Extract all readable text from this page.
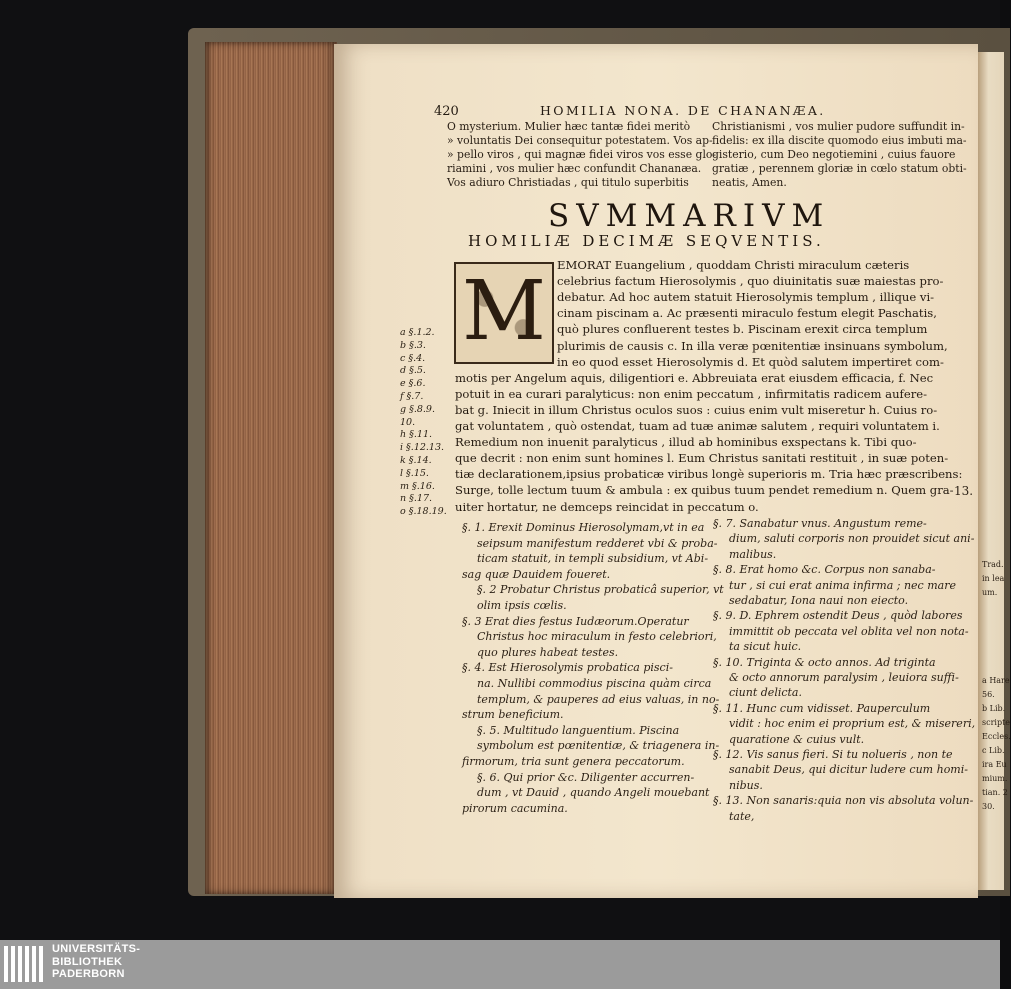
Trad.
in lea
um.
a Hare
56.
b Lib.
scripte
Eccles.
c Lib.
ira Eu
mium.
tian. 2
30.
420	HOMILIA NONA. DE CHANANÆA.
O mysterium. Mulier hæc tantæ fidei meritò
» voluntatis Dei consequitur potestatem. Vos ap-
» pello viros , qui magnæ fidei viros vos esse glo-
riamini , vos mulier hæc confundit Chananæa.
Vos adiuro Christiadas , qui titulo superbitis
Christianismi , vos mulier pudore suffundit in-
fidelis: ex illa discite quomodo eius imbuti ma-
gisterio, cum Deo negotiemini , cuius fauore
gratiæ , perennem gloriæ in cœlo statum obti-
neatis, Amen.
SVMMARIVM
HOMILIÆ DECIMÆ SEQVENTIS.
M EMORAT Euangelium , quoddam Christi miraculum cæteris
celebrius factum Hierosolymis , quo diuinitatis suæ maiestas pro-
debatur. Ad hoc autem statuit Hierosolymis templum , illique vi-
cinam piscinam a. Ac præsenti miraculo festum elegit Paschatis,
quò plures confluerent testes b. Piscinam erexit circa templum
plurimis de causis c. In illa veræ pœnitentiæ insinuans symbolum,
in eo quod esset Hierosolymis d. Et quòd salutem impertiret com-
motis per Angelum aquis, diligentiori e. Abbreuiata erat eiusdem efficacia, f. Nec
potuit in ea curari paralyticus: non enim peccatum , infirmitatis radicem aufere-
bat g. Iniecit in illum Christus oculos suos : cuius enim vult miseretur h. Cuius ro-
gat voluntatem , quò ostendat, tuam ad tuæ animæ salutem , requiri voluntatem i.
Remedium non inuenit paralyticus , illud ab hominibus exspectans k. Tibi quo-
que decrit : non enim sunt homines l. Eum Christus sanitati restituit , in suæ poten-
tiæ declarationem,ipsius probaticæ viribus longè superioris m. Tria hæc præscribens:
Surge, tolle lectum tuum & ambula : ex quibus tuum pendet remedium n. Quem gra-
uiter hortatur, ne demceps reincidat in peccatum o.
a §.1.2.
b §.3.
c §.4.
d §.5.
e §.6.
f §.7.
g §.8.9.
10.
h §.11.
i §.12.13.
k §.14.
l §.15.
m §.16.
n §.17.
o §.18.19.
§. 1. Erexit Dominus Hierosolymam,vt in ea
seipsum manifestum redderet vbi & proba-
ticam statuit, in templi subsidium, vt Abi-
sag quæ Dauidem foueret.
§. 2 Probatur Christus probaticâ superior, vt
olim ipsis cœlis.
§. 3 Erat dies festus Iudæorum.Operatur
Christus hoc miraculum in festo celebriori,
quo plures habeat testes.
§. 4. Est Hierosolymis probatica pisci-
na. Nullibi commodius piscina quàm circa
templum, & pauperes ad eius valuas, in no-
strum beneficium.
§. 5. Multitudo languentium. Piscina
symbolum est pœnitentiæ, & triagenera in-
firmorum, tria sunt genera peccatorum.
§. 6. Qui prior &c. Diligenter accurren-
dum , vt Dauid , quando Angeli mouebant
pirorum cacumina.
§. 7. Sanabatur vnus. Angustum reme-
dium, saluti corporis non prouidet sicut ani-
malibus.
§. 8. Erat homo &c. Corpus non sanaba-
tur , si cui erat anima infirma ; nec mare
sedabatur, Iona naui non eiecto.
§. 9. D. Ephrem ostendit Deus , quòd labores
immittit ob peccata vel oblita vel non nota-
ta sicut huic.
§. 10. Triginta & octo annos. Ad triginta
& octo annorum paralysim , leuiora suffi-
ciunt delicta.
§. 11. Hunc cum vidisset. Pauperculum
vidit : hoc enim ei proprium est, & misereri,
quaratione & cuius vult.
§. 12. Vis sanus fieri. Si tu nolueris , non te
sanabit Deus, qui dicitur ludere cum homi-
nibus.
§. 13. Non sanaris:quia non vis absoluta volun-
tate,
13.
UNIVERSITÄTS-
BIBLIOTHEK
PADERBORN
